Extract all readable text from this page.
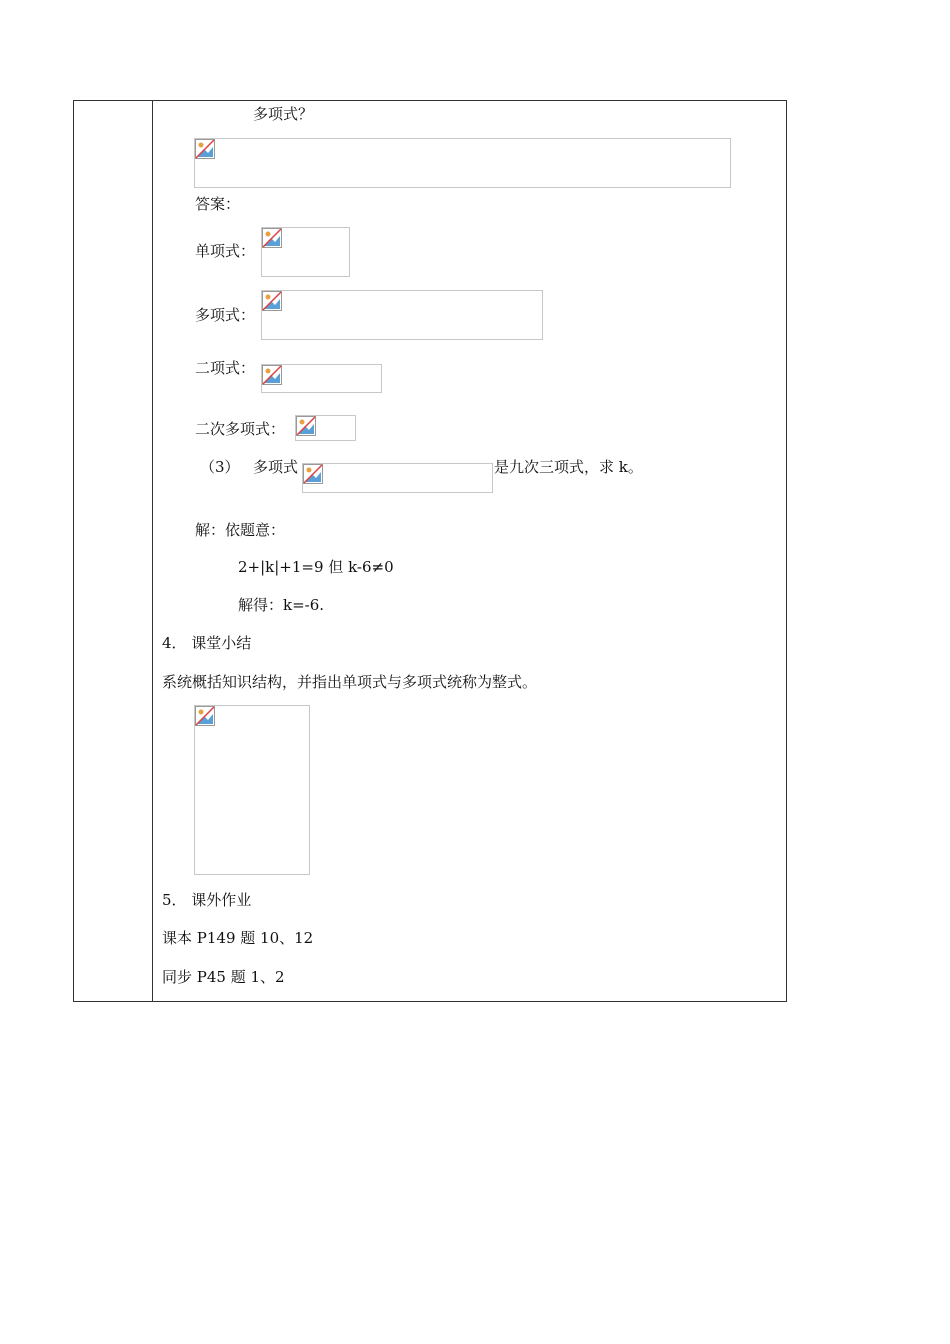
多项式？
答案：
单项式：
多项式：
二项式：
二次多项式：
（3） 多项式	是九次三项式，求 k。
解：依题意：
2+|k|+1=9 但 k-6≠0
解得：k=-6.
4． 课堂小结
系统概括知识结构，并指出单项式与多项式统称为整式。
5． 课外作业
课本 P149 题 10、12
同步 P45 题 1、2
